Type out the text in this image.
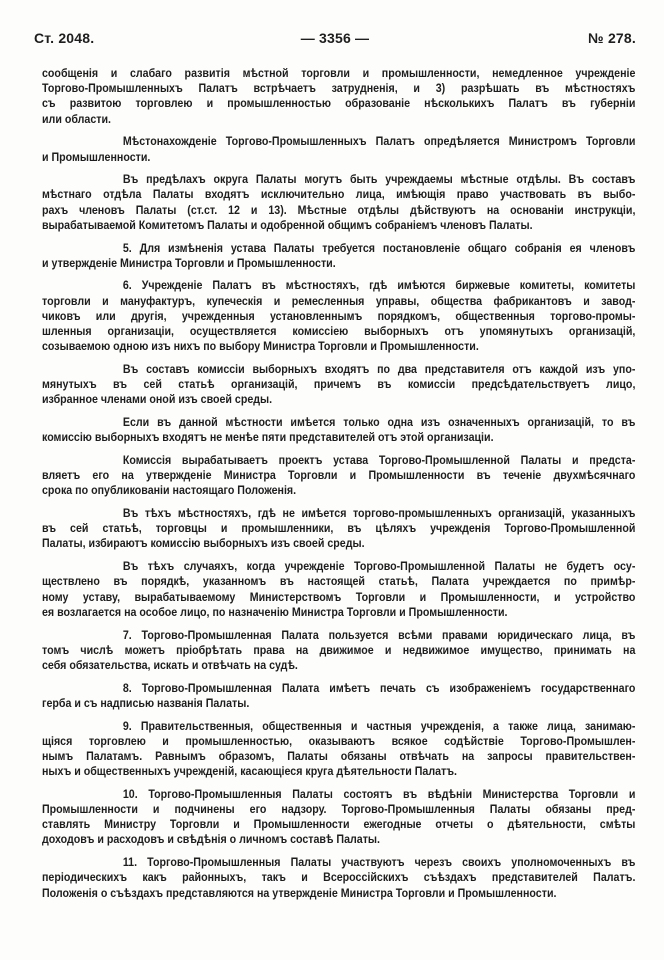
Ст. 2048.	— 3356 —	№ 278.
сообщенія и слабаго развитія мѣстной торговли и промышленности, немедленное учрежденіе
Торгово-Промышленныхъ Палатъ встрѣчаетъ затрудненія, и 3) разрѣшать въ мѣстностяхъ
съ развитою торговлею и промышленностью образованіе нѣсколькихъ Палатъ въ губерніи
или области.
Мѣстонахожденіе Торгово-Промышленныхъ Палатъ опредѣляется Министромъ Торговли
и Промышленности.
Въ предѣлахъ округа Палаты могутъ быть учреждаемы мѣстные отдѣлы. Въ составъ
мѣстнаго отдѣла Палаты входятъ исключительно лица, имѣющія право участвовать въ выбо-
рахъ членовъ Палаты (ст.ст. 12 и 13). Мѣстные отдѣлы дѣйствуютъ на основаніи инструкціи,
вырабатываемой Комитетомъ Палаты и одобренной общимъ собраніемъ членовъ Палаты.
5. Для измѣненія устава Палаты требуется постановленіе общаго собранія ея членовъ
и утвержденіе Министра Торговли и Промышленности.
6. Учрежденіе Палатъ въ мѣстностяхъ, гдѣ имѣются биржевые комитеты, комитеты
торговли и мануфактуръ, купеческія и ремесленныя управы, общества фабрикантовъ и завод-
чиковъ или другія, учрежденныя установленнымъ порядкомъ, общественныя торгово-промы-
шленныя организаціи, осуществляется комиссіею выборныхъ отъ упомянутыхъ организацій,
созываемою одною изъ нихъ по выбору Министра Торговли и Промышленности.
Въ составъ комиссіи выборныхъ входятъ по два представителя отъ каждой изъ упо-
мянутыхъ въ сей статьѣ организацій, причемъ въ комиссіи предсѣдательствуетъ лицо,
избранное членами оной изъ своей среды.
Если въ данной мѣстности имѣется только одна изъ означенныхъ организацій, то въ
комиссію выборныхъ входятъ не менѣе пяти представителей отъ этой организаціи.
Комиссія вырабатываетъ проектъ устава Торгово-Промышленной Палаты и предста-
вляетъ его на утвержденіе Министра Торговли и Промышленности въ теченіе двухмѣсячнаго
срока по опубликованіи настоящаго Положенія.
Въ тѣхъ мѣстностяхъ, гдѣ не имѣется торгово-промышленныхъ организацій, указанныхъ
въ сей статьѣ, торговцы и промышленники, въ цѣляхъ учрежденія Торгово-Промышленной
Палаты, избираютъ комиссію выборныхъ изъ своей среды.
Въ тѣхъ случаяхъ, когда учрежденіе Торгово-Промышленной Палаты не будетъ осу-
ществлено въ порядкѣ, указанномъ въ настоящей статьѣ, Палата учреждается по примѣр-
ному уставу, вырабатываемому Министерствомъ Торговли и Промышленности, и устройство
ея возлагается на особое лицо, по назначенію Министра Торговли и Промышленности.
7. Торгово-Промышленная Палата пользуется всѣми правами юридическаго лица, въ
томъ числѣ можетъ пріобрѣтать права на движимое и недвижимое имущество, принимать на
себя обязательства, искать и отвѣчать на судѣ.
8. Торгово-Промышленная Палата имѣетъ печать съ изображеніемъ государственнаго
герба и съ надписью названія Палаты.
9. Правительственныя, общественныя и частныя учрежденія, а также лица, занимаю-
щіяся торговлею и промышленностью, оказываютъ всякое содѣйствіе Торгово-Промышлен-
нымъ Палатамъ. Равнымъ образомъ, Палаты обязаны отвѣчать на запросы правительствен-
ныхъ и общественныхъ учрежденій, касающіеся круга дѣятельности Палатъ.
10. Торгово-Промышленныя Палаты состоятъ въ вѣдѣніи Министерства Торговли и
Промышленности и подчинены его надзору. Торгово-Промышленныя Палаты обязаны пред-
ставлять Министру Торговли и Промышленности ежегодные отчеты о дѣятельности, смѣты
доходовъ и расходовъ и свѣдѣнія о личномъ составѣ Палаты.
11. Торгово-Промышленныя Палаты участвуютъ черезъ своихъ уполномоченныхъ въ
періодическихъ какъ районныхъ, такъ и Всероссійскихъ съѣздахъ представителей Палатъ.
Положенія о съѣздахъ представляются на утвержденіе Министра Торговли и Промышленности.
